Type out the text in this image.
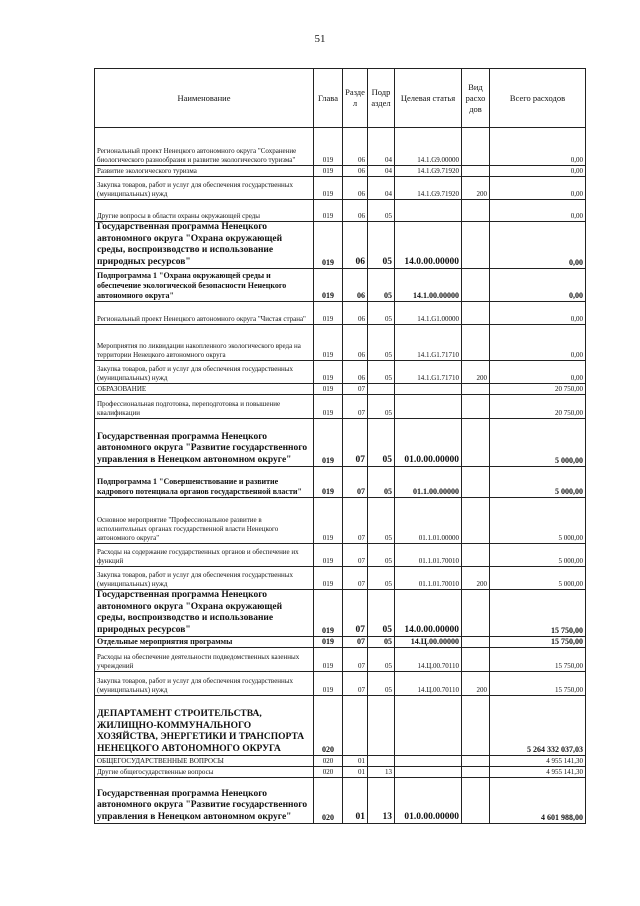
51
Наименование	Глава	Разде л	Подр аздел	Целевая статья	Вид расхо дов	Всего расходов
Региональный проект Ненецкого автономного округа "Сохранение биологического разнообразия и развитие экологического туризма"	019	06	04	14.1.G9.00000		0,00
Развитие экологического туризма	019	06	04	14.1.G9.71920		0,00
Закупка товаров, работ и услуг для обеспечения государственных (муниципальных) нужд	019	06	04	14.1.G9.71920	200	0,00
Другие вопросы в области охраны окружающей среды	019	06	05			0,00
Государственная программа Ненецкого автономного округа "Охрана окружающей среды, воспроизводство и использование природных ресурсов"	019	06	05	14.0.00.00000		0,00
Подпрограмма 1 "Охрана окружающей среды и обеспечение экологической безопасности Ненецкого автономного округа"	019	06	05	14.1.00.00000		0,00
Региональный проект Ненецкого автономного округа "Чистая страна"	019	06	05	14.1.G1.00000		0,00
Мероприятия по ликвидации накопленного экологического вреда на территории Ненецкого автономного округа	019	06	05	14.1.G1.71710		0,00
Закупка товаров, работ и услуг для обеспечения государственных (муниципальных) нужд	019	06	05	14.1.G1.71710	200	0,00
ОБРАЗОВАНИЕ	019	07				20 750,00
Профессиональная подготовка, переподготовка и повышение квалификации	019	07	05			20 750,00
Государственная программа Ненецкого автономного округа "Развитие государственного управления в Ненецком автономном округе"	019	07	05	01.0.00.00000		5 000,00
Подпрограмма 1 "Совершенствование и развитие кадрового потенциала органов государственной власти"	019	07	05	01.1.00.00000		5 000,00
Основное мероприятие "Профессиональное развитие в исполнительных органах государственной власти Ненецкого автономного округа"	019	07	05	01.1.01.00000		5 000,00
Расходы на содержание государственных органов и обеспечение их функций	019	07	05	01.1.01.70010		5 000,00
Закупка товаров, работ и услуг для обеспечения государственных (муниципальных) нужд	019	07	05	01.1.01.70010	200	5 000,00
Государственная программа Ненецкого автономного округа "Охрана окружающей среды, воспроизводство и использование природных ресурсов"	019	07	05	14.0.00.00000		15 750,00
Отдельные мероприятия программы	019	07	05	14.Ц.00.00000		15 750,00
Расходы на обеспечение деятельности подведомственных казенных учреждений	019	07	05	14.Ц.00.70110		15 750,00
Закупка товаров, работ и услуг для обеспечения государственных (муниципальных) нужд	019	07	05	14.Ц.00.70110	200	15 750,00
ДЕПАРТАМЕНТ СТРОИТЕЛЬСТВА, ЖИЛИЩНО-КОММУНАЛЬНОГО ХОЗЯЙСТВА, ЭНЕРГЕТИКИ И ТРАНСПОРТА НЕНЕЦКОГО АВТОНОМНОГО ОКРУГА	020					5 264 332 037,03
ОБЩЕГОСУДАРСТВЕННЫЕ ВОПРОСЫ	020	01				4 955 141,30
Другие общегосударственные вопросы	020	01	13			4 955 141,30
Государственная программа Ненецкого автономного округа "Развитие государственного управления в Ненецком автономном округе"	020	01	13	01.0.00.00000		4 601 988,00
